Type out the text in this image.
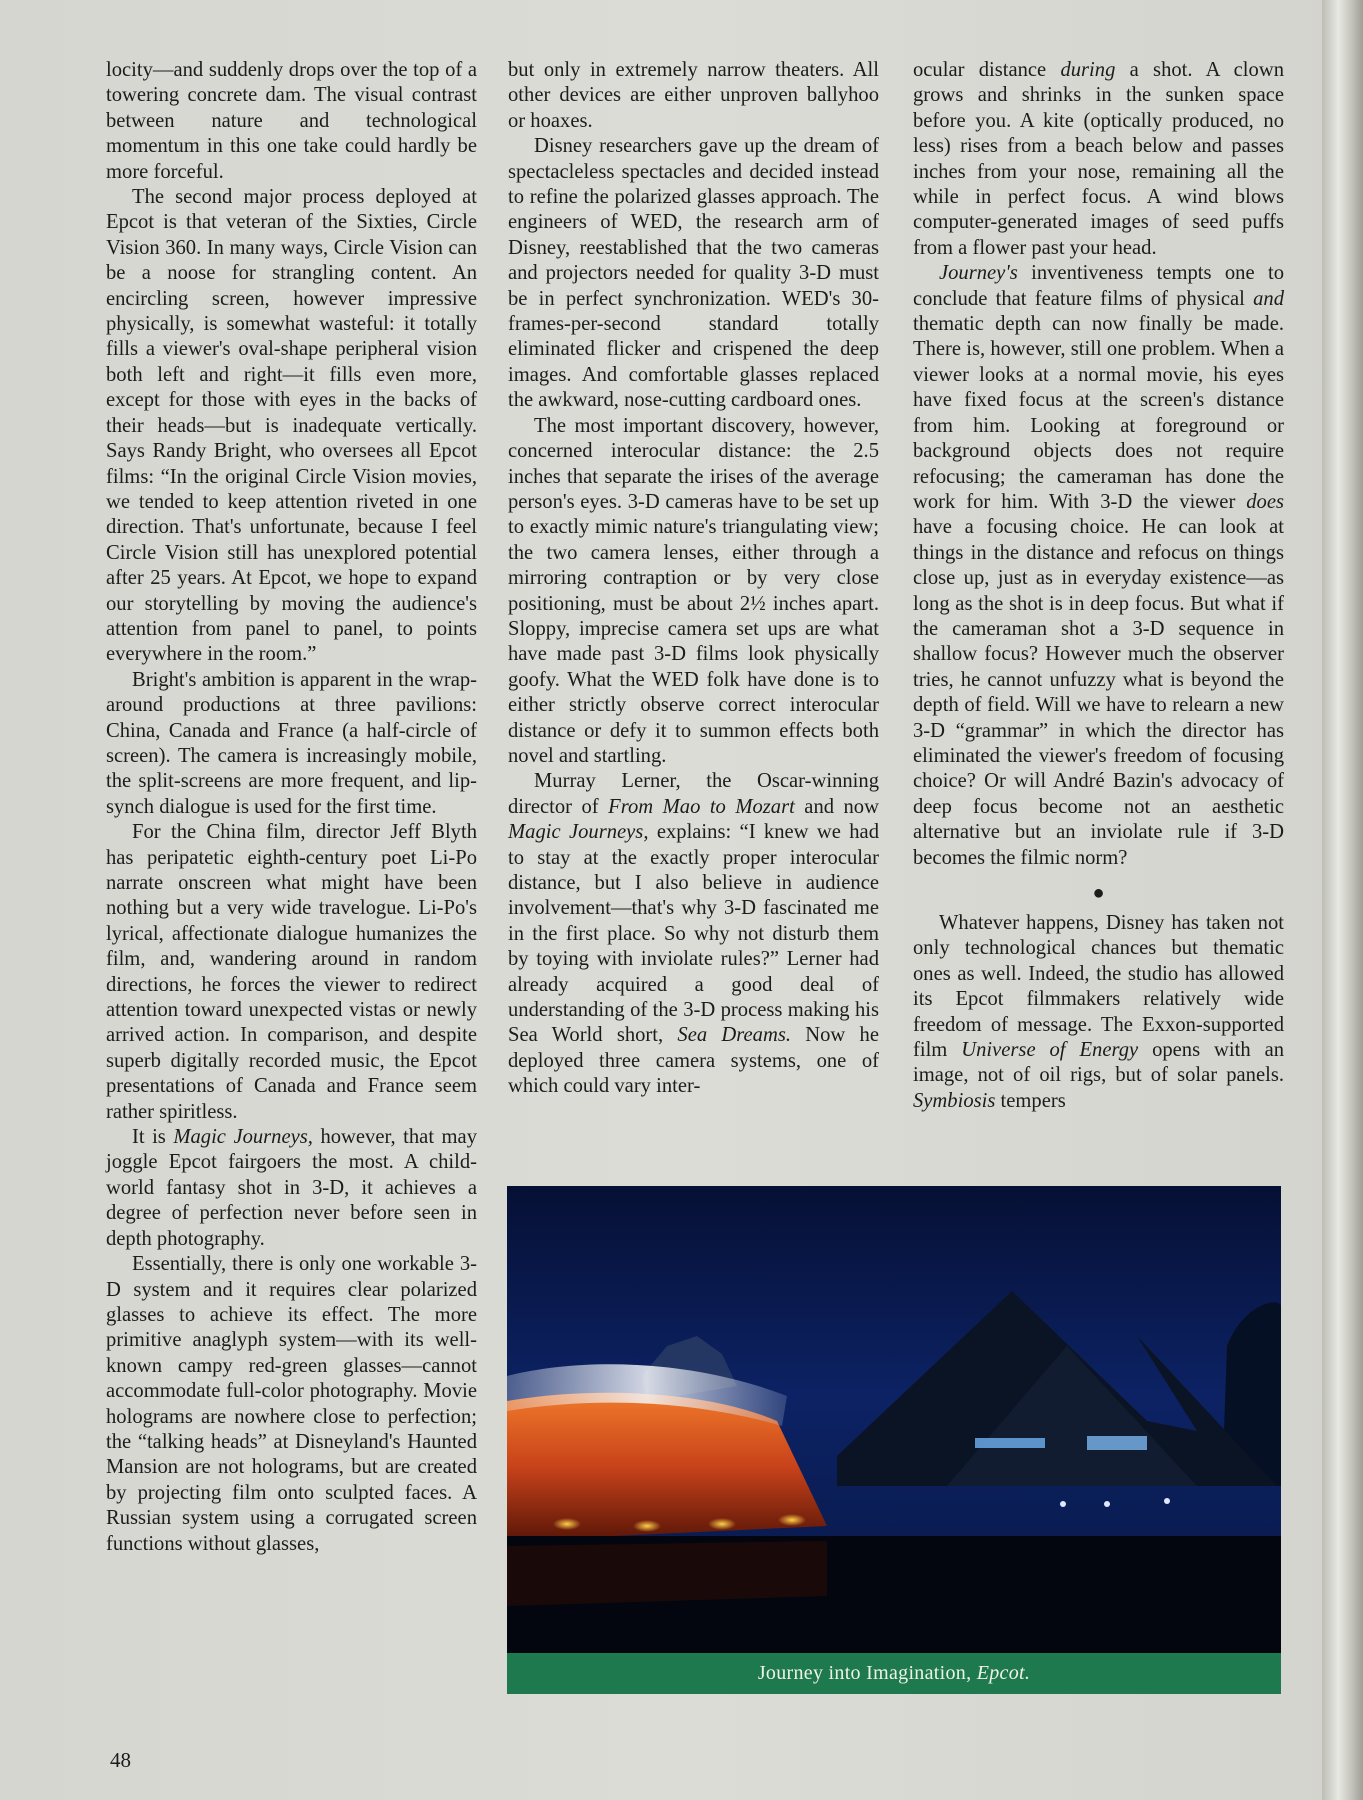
locity—and suddenly drops over the top of a towering concrete dam. The visual contrast between nature and technological momentum in this one take could hardly be more forceful.

The second major process deployed at Epcot is that veteran of the Sixties, Circle Vision 360. In many ways, Circle Vision can be a noose for strangling content. An encircling screen, however impressive physically, is somewhat wasteful: it totally fills a viewer's oval-shape peripheral vision both left and right—it fills even more, except for those with eyes in the backs of their heads—but is inadequate vertically. Says Randy Bright, who oversees all Epcot films: “In the original Circle Vision movies, we tended to keep attention riveted in one direction. That's unfortunate, because I feel Circle Vision still has unexplored potential after 25 years. At Epcot, we hope to expand our storytelling by moving the audience's attention from panel to panel, to points everywhere in the room.”

Bright's ambition is apparent in the wrap-around productions at three pavilions: China, Canada and France (a half-circle of screen). The camera is increasingly mobile, the split-screens are more frequent, and lip-synch dialogue is used for the first time.

For the China film, director Jeff Blyth has peripatetic eighth-century poet Li-Po narrate onscreen what might have been nothing but a very wide travelogue. Li-Po's lyrical, affectionate dialogue humanizes the film, and, wandering around in random directions, he forces the viewer to redirect attention toward unexpected vistas or newly arrived action. In comparison, and despite superb digitally recorded music, the Epcot presentations of Canada and France seem rather spiritless.

It is Magic Journeys, however, that may joggle Epcot fairgoers the most. A child-world fantasy shot in 3-D, it achieves a degree of perfection never before seen in depth photography.

Essentially, there is only one workable 3-D system and it requires clear polarized glasses to achieve its effect. The more primitive anaglyph system—with its well-known campy red-green glasses—cannot accommodate full-color photography. Movie holograms are nowhere close to perfection; the “talking heads” at Disneyland's Haunted Mansion are not holograms, but are created by projecting film onto sculpted faces. A Russian system using a corrugated screen functions without glasses,

but only in extremely narrow theaters. All other devices are either unproven ballyhoo or hoaxes.

Disney researchers gave up the dream of spectacleless spectacles and decided instead to refine the polarized glasses approach. The engineers of WED, the research arm of Disney, reestablished that the two cameras and projectors needed for quality 3-D must be in perfect synchronization. WED's 30-frames-per-second standard totally eliminated flicker and crispened the deep images. And comfortable glasses replaced the awkward, nose-cutting cardboard ones.

The most important discovery, however, concerned interocular distance: the 2.5 inches that separate the irises of the average person's eyes. 3-D cameras have to be set up to exactly mimic nature's triangulating view; the two camera lenses, either through a mirroring contraption or by very close positioning, must be about 2½ inches apart. Sloppy, imprecise camera set ups are what have made past 3-D films look physically goofy. What the WED folk have done is to either strictly observe correct interocular distance or defy it to summon effects both novel and startling.

Murray Lerner, the Oscar-winning director of From Mao to Mozart and now Magic Journeys, explains: “I knew we had to stay at the exactly proper interocular distance, but I also believe in audience involvement—that's why 3-D fascinated me in the first place. So why not disturb them by toying with inviolate rules?” Lerner had already acquired a good deal of understanding of the 3-D process making his Sea World short, Sea Dreams. Now he deployed three camera systems, one of which could vary inter-

ocular distance during a shot. A clown grows and shrinks in the sunken space before you. A kite (optically produced, no less) rises from a beach below and passes inches from your nose, remaining all the while in perfect focus. A wind blows computer-generated images of seed puffs from a flower past your head.

Journey's inventiveness tempts one to conclude that feature films of physical and thematic depth can now finally be made. There is, however, still one problem. When a viewer looks at a normal movie, his eyes have fixed focus at the screen's distance from him. Looking at foreground or background objects does not require refocusing; the cameraman has done the work for him. With 3-D the viewer does have a focusing choice. He can look at things in the distance and refocus on things close up, just as in everyday existence—as long as the shot is in deep focus. But what if the cameraman shot a 3-D sequence in shallow focus? However much the observer tries, he cannot unfuzzy what is beyond the depth of field. Will we have to relearn a new 3-D “grammar” in which the director has eliminated the viewer's freedom of focusing choice? Or will André Bazin's advocacy of deep focus become not an aesthetic alternative but an inviolate rule if 3-D becomes the filmic norm?

●

Whatever happens, Disney has taken not only technological chances but thematic ones as well. Indeed, the studio has allowed its Epcot filmmakers relatively wide freedom of message. The Exxon-supported film Universe of Energy opens with an image, not of oil rigs, but of solar panels. Symbiosis tempers

Journey into Imagination, Epcot.
48
